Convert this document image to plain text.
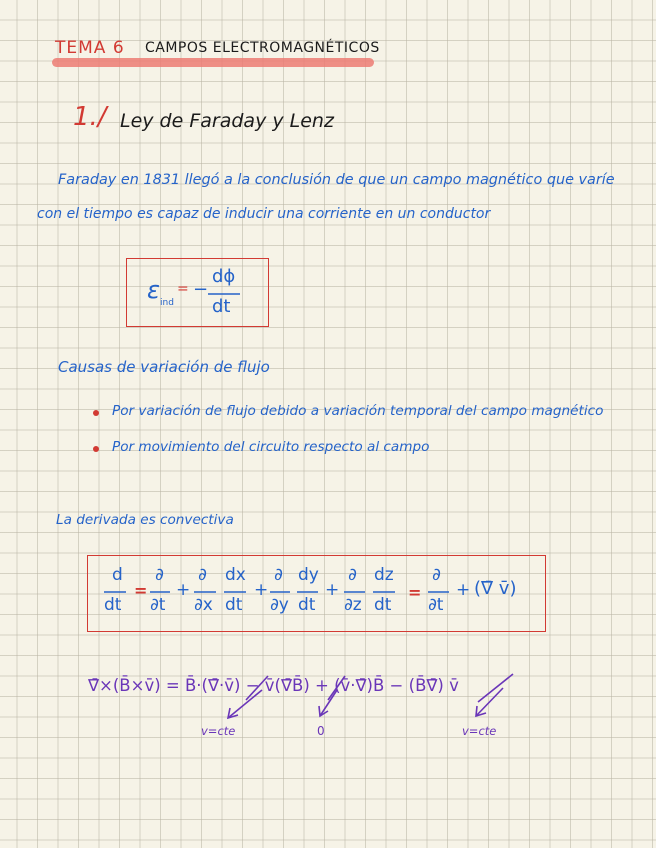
TEMA 6 CAMPOS ELECTROMAGNÉTICOS
1./ Ley de Faraday y Lenz
Faraday en 1831 llegó a la conclusión de que un campo magnético que varíe
con el tiempo es capaz de inducir una corriente en un conductor
ε ind
= −
dϕ
dt
Causas de variación de flujo
Por variación de flujo debido a variación temporal del campo magnético
Por movimiento del circuito respecto al campo
La derivada es convectiva
d
dt
=
∂
∂t
+
∂
∂x
dx
dt
+
∂
∂y
dy
dt
+
∂
∂z
dz
dt
=
∂
∂t
+ (∇̄ v̄)
∇̄×(B̄×v̄) = B̄·(∇̄·v̄) − v̄(∇̄B̄) + (v̄·∇̄)B̄ − (B̄∇̄) v̄
v=cte	0	v=cte
